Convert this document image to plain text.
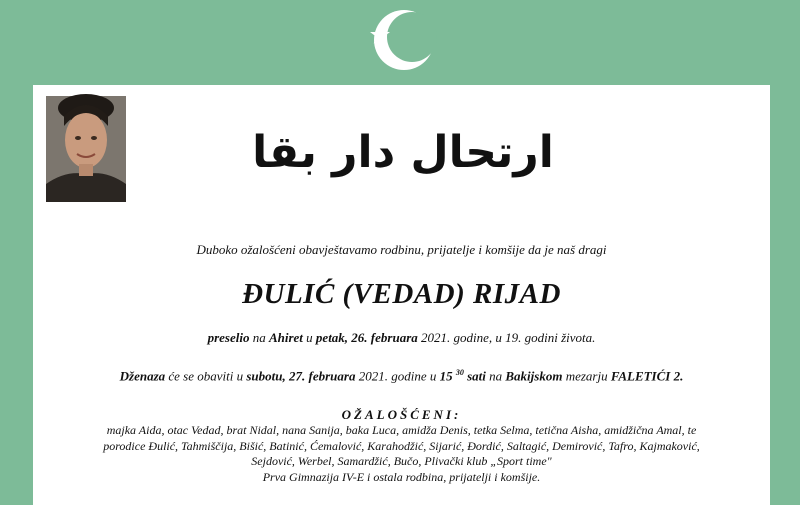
ارتحال دار بقا
Duboko ožalošćeni obavještavamo rodbinu, prijatelje i komšije da je naš dragi
ĐULIĆ (VEDAD) RIJAD
preselio na Ahiret u petak, 26. februara 2021. godine, u 19. godini života.
Dženaza će se obaviti u subotu, 27. februara 2021. godine u 15 $^{30}$ sati na Bakijskom mezarju FALETIĆI 2.
OŽALOŠĆENI:
majka Aida, otac Vedad, brat Nidal, nana Sanija, baka Luca, amidža Denis, tetka Selma, tetična Aisha, amidžična Amal, te
porodice Đulić, Tahmiščija, Bišić, Batinić, Ćemalović, Karahodžić, Sijarić, Đordić, Saltagić, Demirović, Tafro, Kajmaković,
Sejdović, Werbel, Samardžić, Bučo, Plivački klub „Sport time"
Prva Gimnazija IV-E i ostala rodbina, prijatelji i komšije.
